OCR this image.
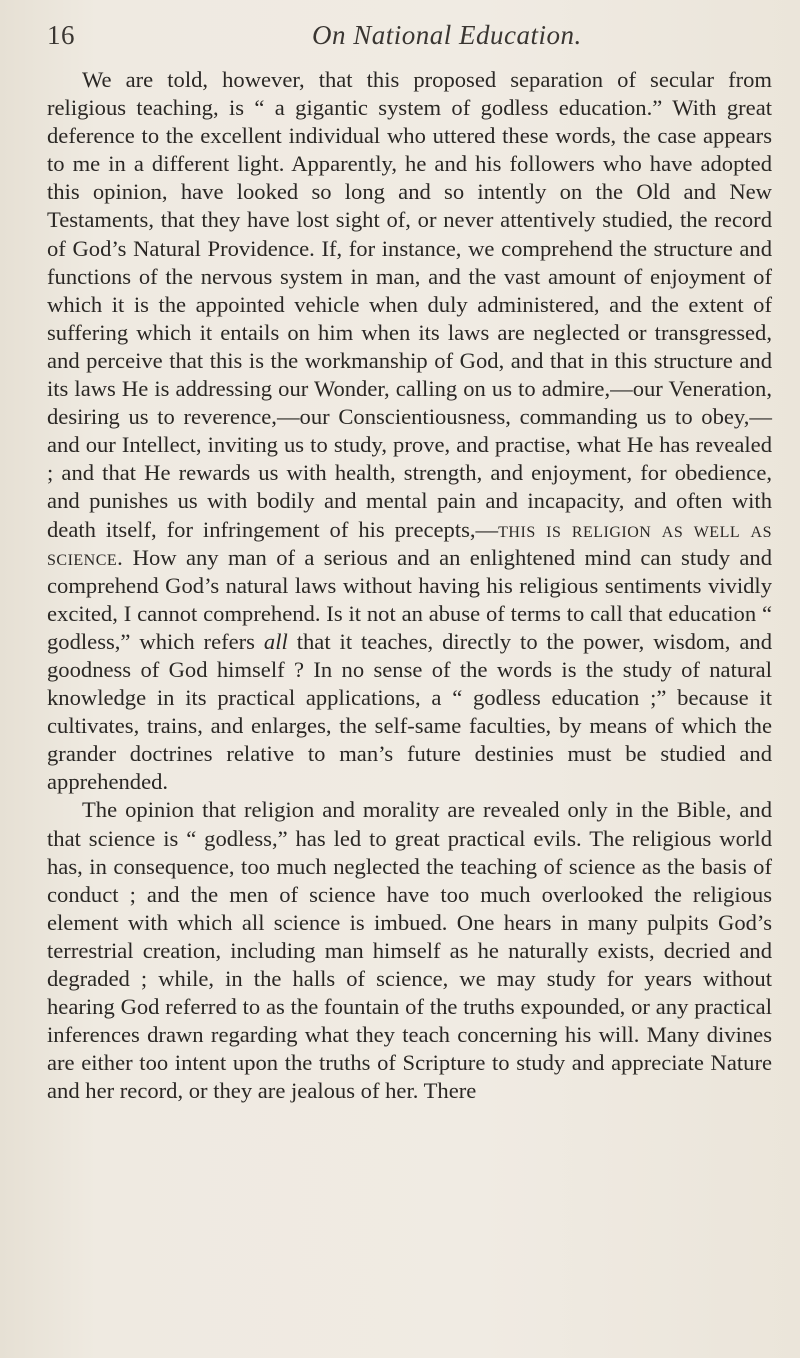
16	On National Education.

We are told, however, that this proposed separation of secular from religious teaching, is “ a gigantic system of godless education.” With great deference to the excellent individual who uttered these words, the case appears to me in a different light. Apparently, he and his followers who have adopted this opinion, have looked so long and so intently on the Old and New Testaments, that they have lost sight of, or never attentively studied, the record of God’s Natural Providence. If, for instance, we comprehend the structure and functions of the nervous system in man, and the vast amount of enjoyment of which it is the appointed vehicle when duly administered, and the extent of suffering which it entails on him when its laws are neglected or transgressed, and perceive that this is the workmanship of God, and that in this structure and its laws He is addressing our Wonder, calling on us to admire,—our Veneration, desiring us to reverence,—our Conscientiousness, commanding us to obey,—and our Intellect, inviting us to study, prove, and practise, what He has revealed ; and that He rewards us with health, strength, and enjoyment, for obedience, and punishes us with bodily and mental pain and incapacity, and often with death itself, for infringement of his precepts,—this is religion as well as science. How any man of a serious and an enlightened mind can study and comprehend God’s natural laws without having his religious sentiments vividly excited, I cannot comprehend. Is it not an abuse of terms to call that education “ godless,” which refers all that it teaches, directly to the power, wisdom, and goodness of God himself ? In no sense of the words is the study of natural knowledge in its practical applications, a “ godless education ;” because it cultivates, trains, and enlarges, the self-same faculties, by means of which the grander doctrines relative to man’s future destinies must be studied and apprehended.

The opinion that religion and morality are revealed only in the Bible, and that science is “ godless,” has led to great practical evils. The religious world has, in consequence, too much neglected the teaching of science as the basis of conduct ; and the men of science have too much overlooked the religious element with which all science is imbued. One hears in many pulpits God’s terrestrial creation, including man himself as he naturally exists, decried and degraded ; while, in the halls of science, we may study for years without hearing God referred to as the fountain of the truths expounded, or any practical inferences drawn regarding what they teach concerning his will. Many divines are either too intent upon the truths of Scripture to study and appreciate Nature and her record, or they are jealous of her. There
